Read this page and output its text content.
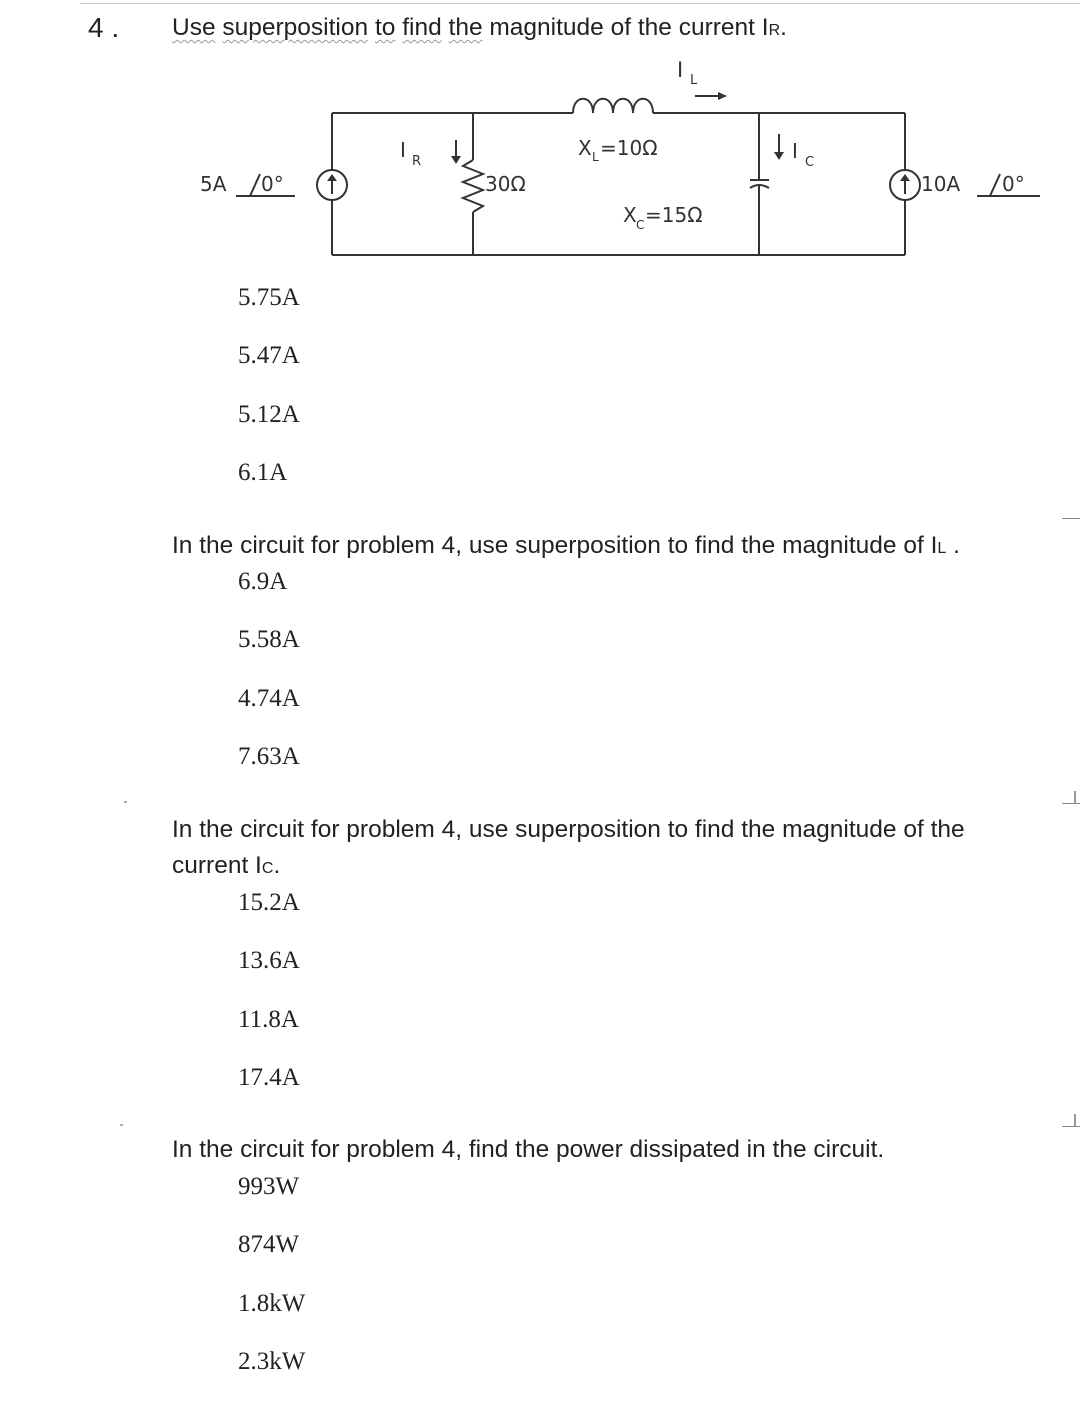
4 . Use superposition to find the magnitude of the current IR.
5A 0°	10A 0°
I L
I R	I C
30Ω
X L =10Ω
X C =15Ω
5.75A
5.47A
5.12A
6.1A
In the circuit for problem 4, use superposition to find the magnitude of IL .
6.9A
5.58A
4.74A
7.63A
In the circuit for problem 4, use superposition to find the magnitude of the
current IC.
15.2A
13.6A
11.8A
17.4A
In the circuit for problem 4, find the power dissipated in the circuit.
993W
874W
1.8kW
2.3kW
